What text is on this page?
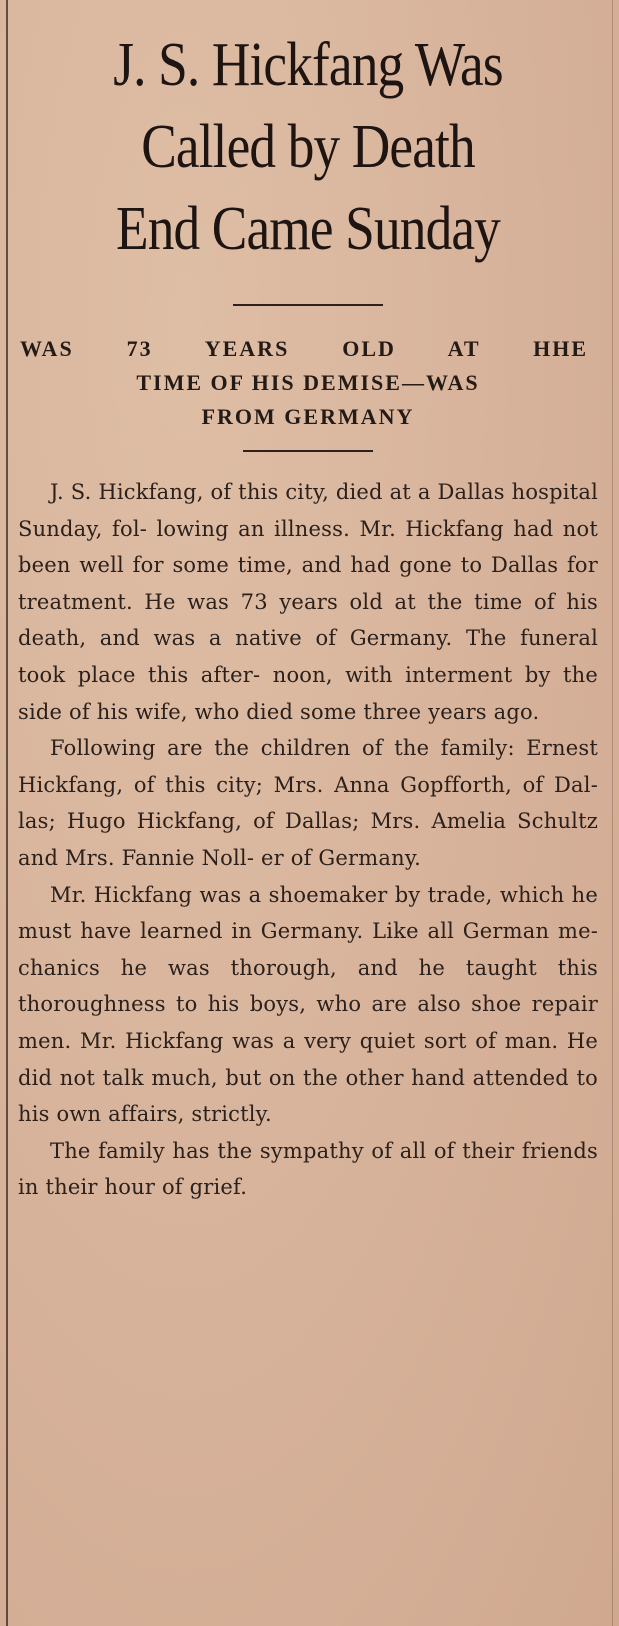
J. S. Hickfang Was
Called by Death
End Came Sunday
WAS 73 YEARS OLD AT HHE
TIME OF HIS DEMISE—WAS
FROM GERMANY

J. S. Hickfang, of this city, died at a Dallas hospital Sunday, fol- lowing an illness. Mr. Hickfang had not been well for some time, and had gone to Dallas for treatment. He was 73 years old at the time of his death, and was a native of Germany. The funeral took place this after- noon, with interment by the side of his wife, who died some three years ago.

Following are the children of the family: Ernest Hickfang, of this city; Mrs. Anna Gopfforth, of Dal- las; Hugo Hickfang, of Dallas; Mrs. Amelia Schultz and Mrs. Fannie Noll- er of Germany.

Mr. Hickfang was a shoemaker by trade, which he must have learned in Germany. Like all German me- chanics he was thorough, and he taught this thoroughness to his boys, who are also shoe repair men. Mr. Hickfang was a very quiet sort of man. He did not talk much, but on the other hand attended to his own affairs, strictly.

The family has the sympathy of all of their friends in their hour of grief.
